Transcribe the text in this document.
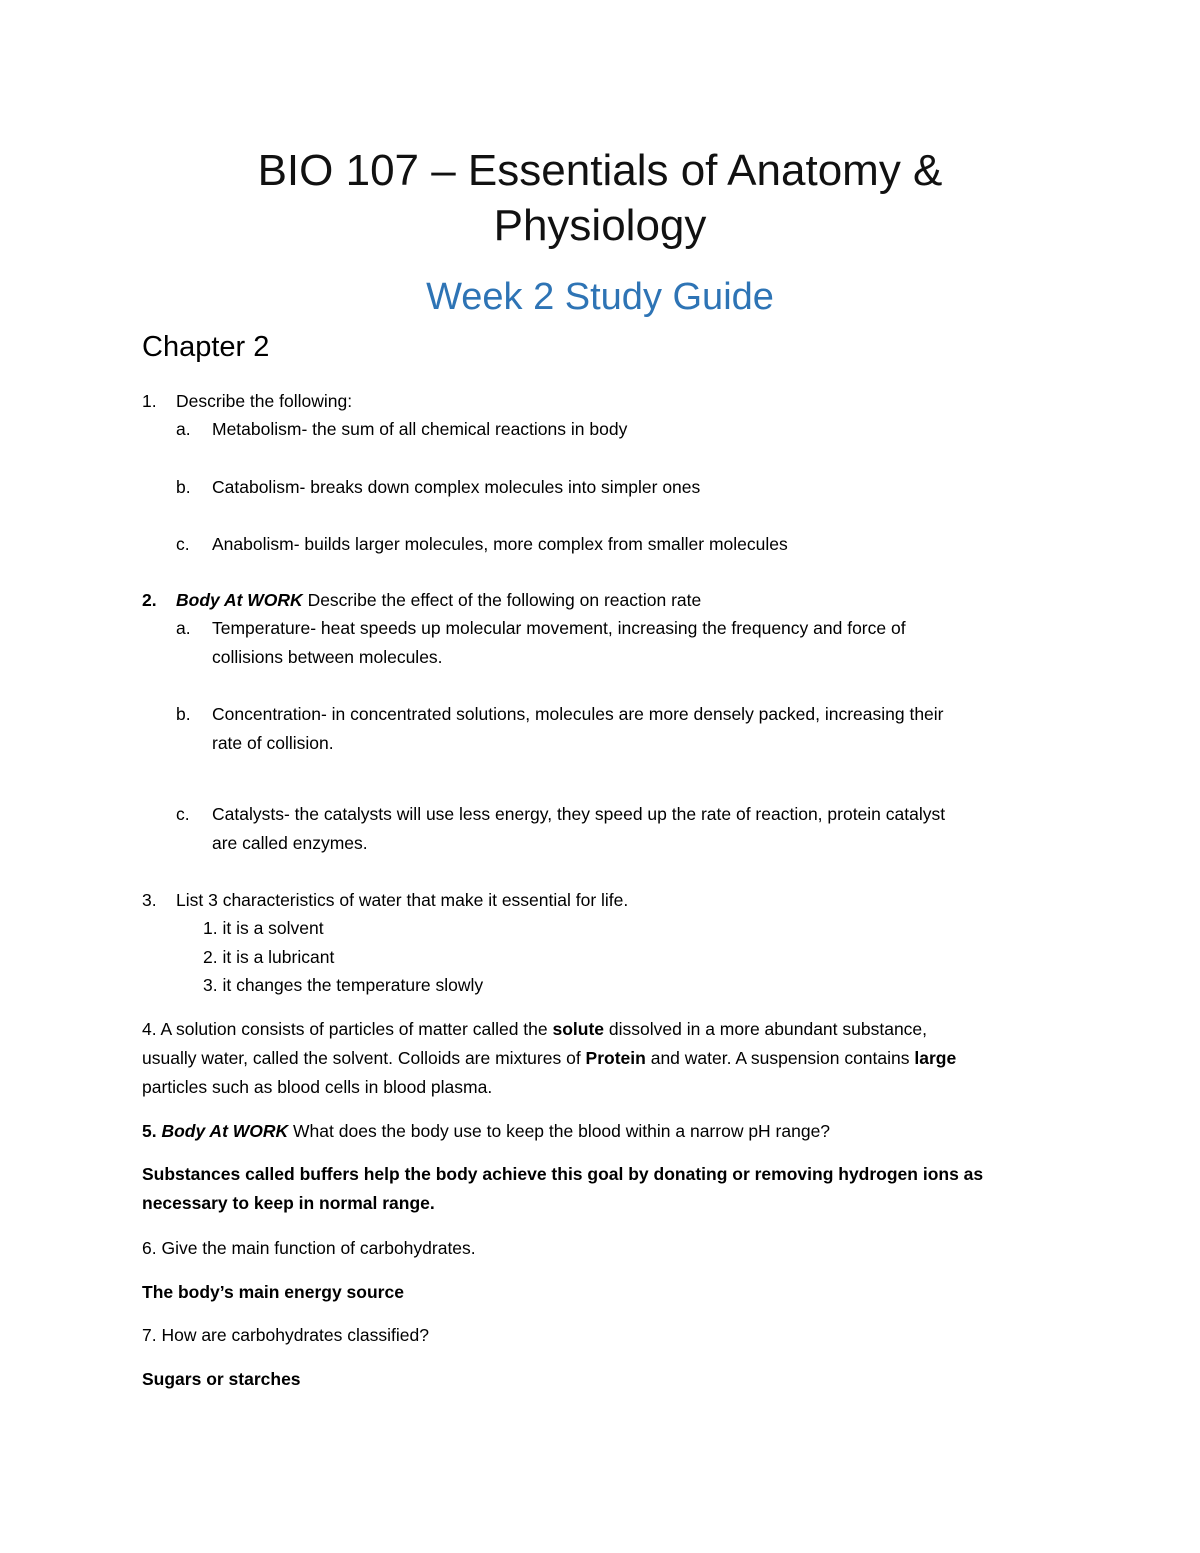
BIO 107 – Essentials of Anatomy &
Physiology
Week 2 Study Guide
Chapter 2
1. Describe the following:
a. Metabolism- the sum of all chemical reactions in body
b. Catabolism- breaks down complex molecules into simpler ones
c. Anabolism- builds larger molecules, more complex from smaller molecules
2. Body At WORK Describe the effect of the following on reaction rate
a. Temperature- heat speeds up molecular movement, increasing the frequency and force of
collisions between molecules.
b. Concentration- in concentrated solutions, molecules are more densely packed, increasing their
rate of collision.
c. Catalysts- the catalysts will use less energy, they speed up the rate of reaction, protein catalyst
are called enzymes.
3. List 3 characteristics of water that make it essential for life.
1. it is a solvent
2. it is a lubricant
3. it changes the temperature slowly
4. A solution consists of particles of matter called the solute dissolved in a more abundant substance,
usually water, called the solvent. Colloids are mixtures of Protein and water. A suspension contains large
particles such as blood cells in blood plasma.
5. Body At WORK What does the body use to keep the blood within a narrow pH range?
Substances called buffers help the body achieve this goal by donating or removing hydrogen ions as
necessary to keep in normal range.
6. Give the main function of carbohydrates.
The body’s main energy source
7. How are carbohydrates classified?
Sugars or starches
